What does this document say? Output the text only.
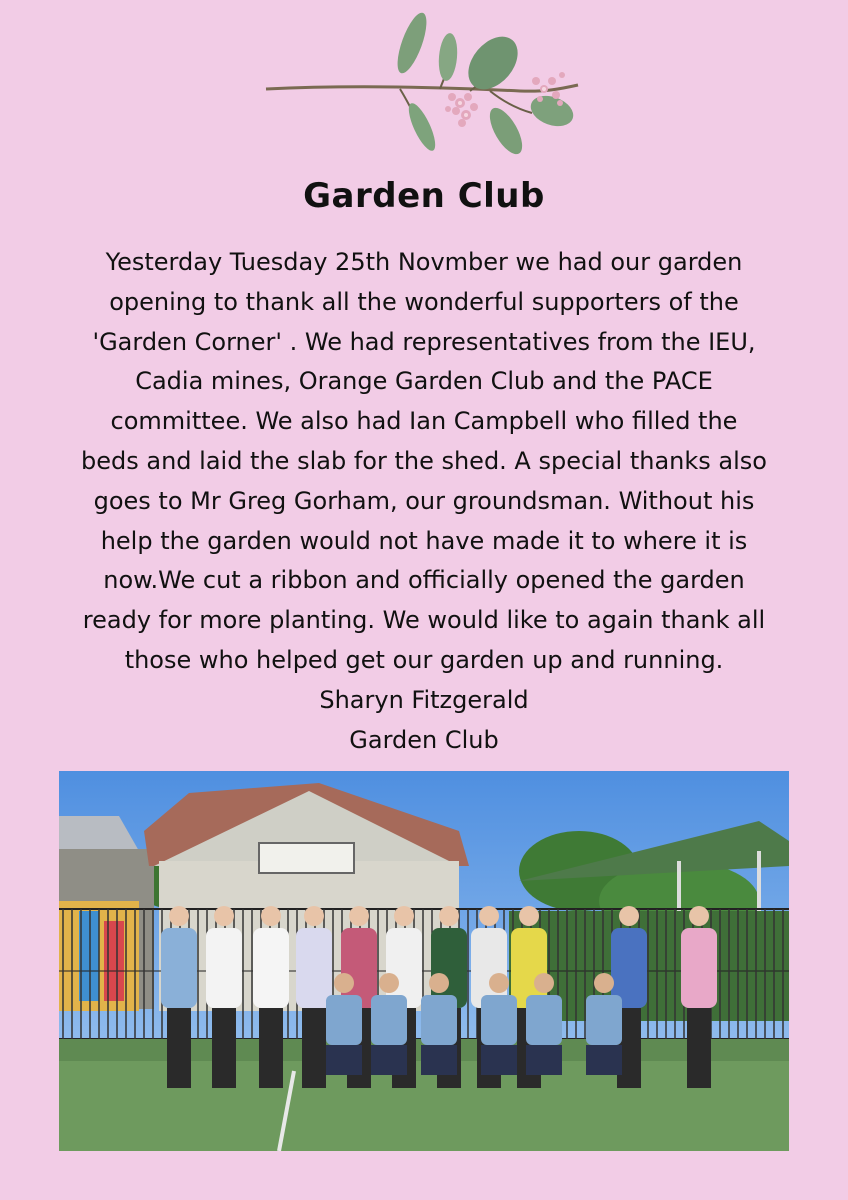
Garden Club
Yesterday Tuesday 25th Novmber we had our garden
opening to thank all the wonderful supporters of the
'Garden Corner' . We had representatives from the IEU,
Cadia mines, Orange Garden Club and the PACE
committee. We also had Ian Campbell who filled the
beds and laid the slab for the shed. A special thanks also
goes to Mr Greg Gorham, our groundsman. Without his
help the garden would not have made it to where it is
now.We cut a ribbon and officially opened the garden
ready for more planting. We would like to again thank all
those who helped get our garden up and running.
Sharyn Fitzgerald
Garden Club
